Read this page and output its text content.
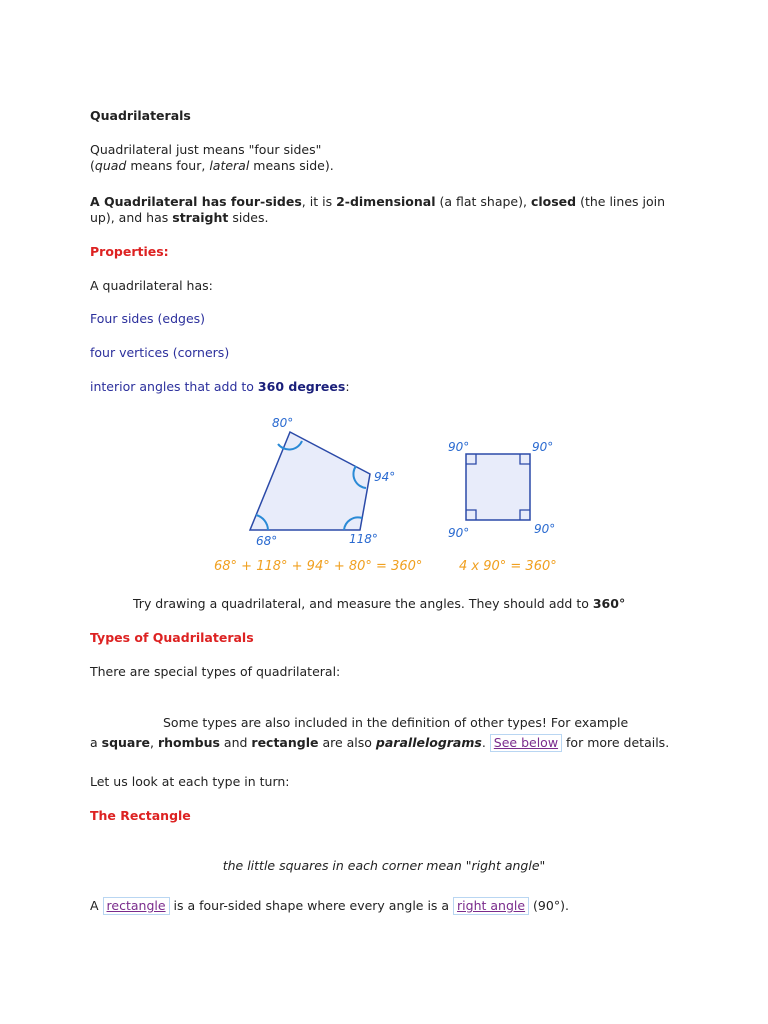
Quadrilaterals
Quadrilateral just means "four sides"
(quad means four, lateral means side).
A Quadrilateral has four-sides, it is 2-dimensional (a flat shape), closed (the lines join
up), and has straight sides.
Properties:
A quadrilateral has:
Four sides (edges)
four vertices (corners)
interior angles that add to 360 degrees:
80°
94°
118°
68°
68° + 118° + 94° + 80° = 360°
90°	90°
90°	90°
4 x 90° = 360°
Try drawing a quadrilateral, and measure the angles. They should add to 360°
Types of Quadrilaterals
There are special types of quadrilateral:
Some types are also included in the definition of other types! For example
a square, rhombus and rectangle are also parallelograms. See below for more details.
Let us look at each type in turn:
The Rectangle
the little squares in each corner mean "right angle"
A rectangle is a four-sided shape where every angle is a right angle (90°).
